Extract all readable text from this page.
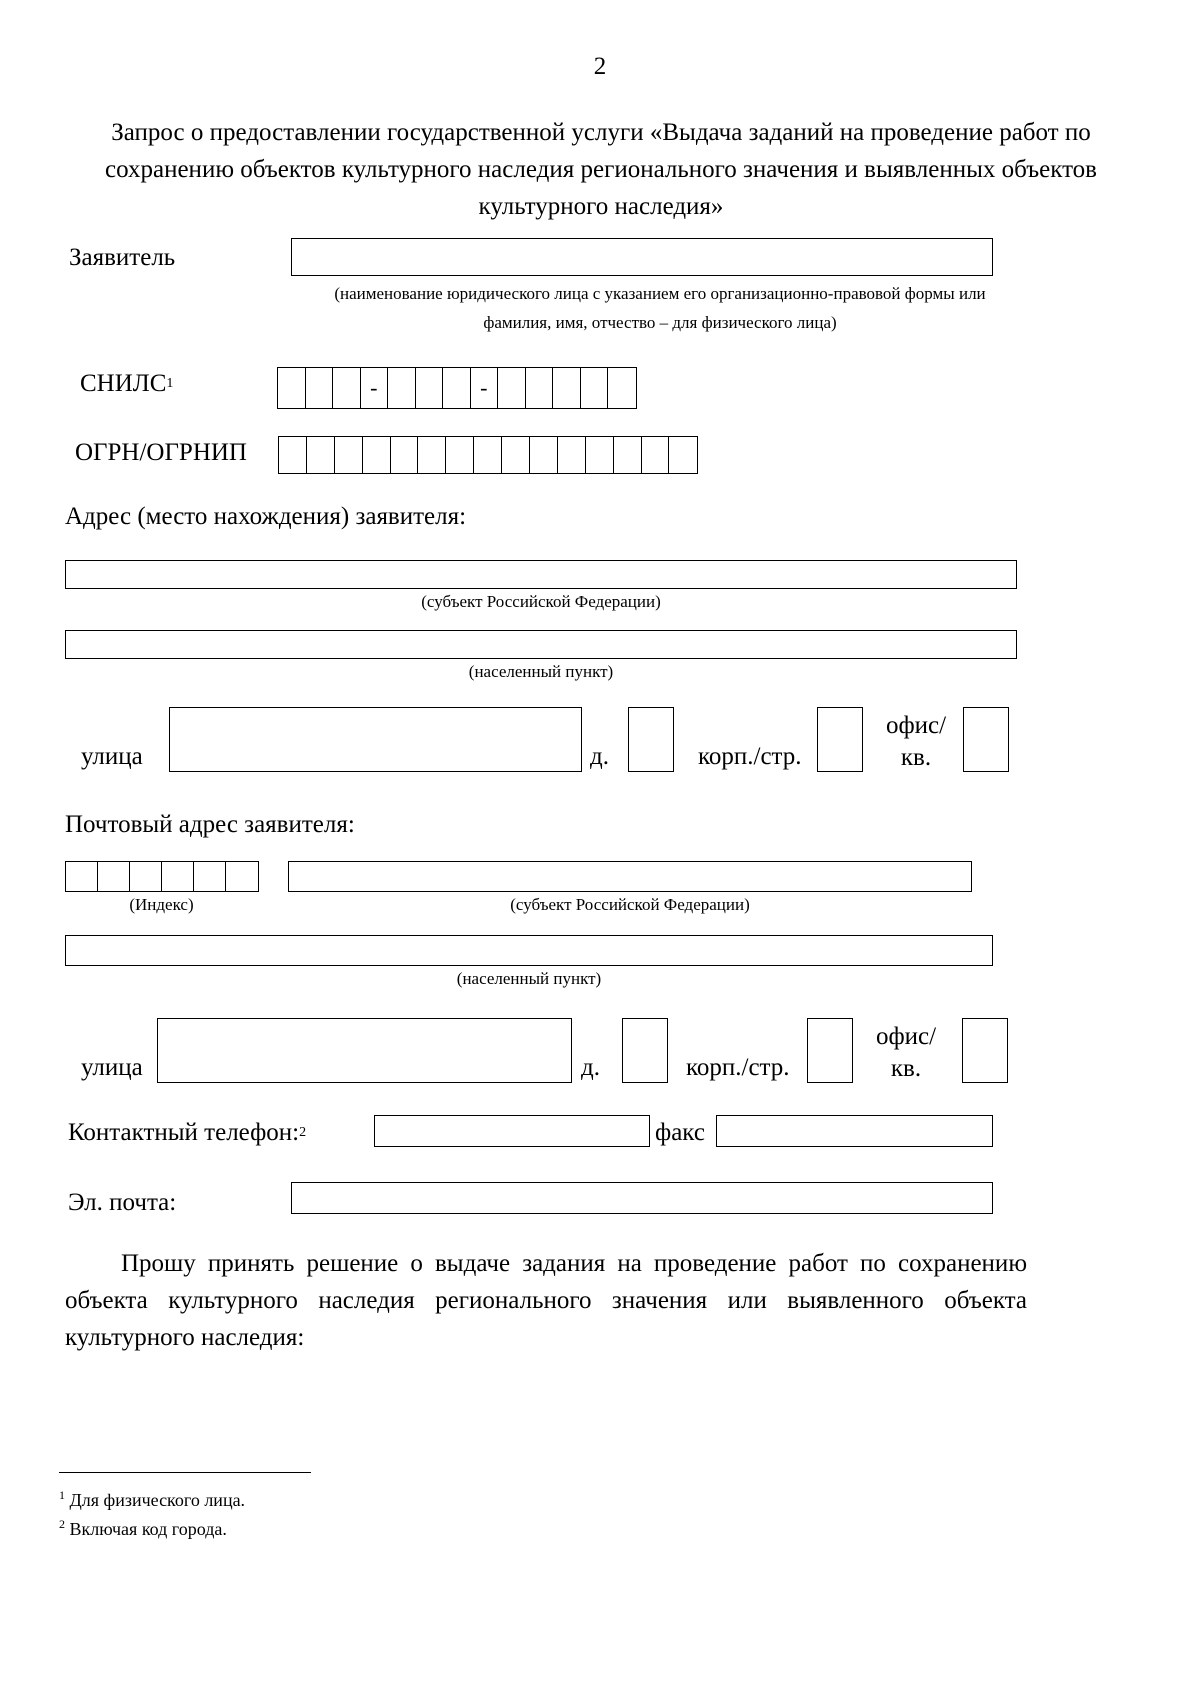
2
Запрос о предоставлении государственной услуги «Выдача заданий на проведение работ по сохранению объектов культурного наследия регионального значения и выявленных объектов культурного наследия»
Заявитель
(наименование юридического лица с указанием его организационно-правовой формы или
фамилия, имя, отчество – для физического лица)
СНИЛС 1	-	-
ОГРН/ОГРНИП
Адрес (место нахождения) заявителя:
(субъект Российской Федерации)
(населенный пункт)
улица	д.	корп./стр.
офис/
кв.
Почтовый адрес заявителя:
(Индекс)	(субъект Российской Федерации)
(населенный пункт)
улица	д.	корп./стр.
офис/
кв.
Контактный телефон: 2	факс
Эл. почта:
Прошу принять решение о выдаче задания на проведение работ по сохранению объекта культурного наследия регионального значения или выявленного объекта культурного наследия:
$^1$ Для физического лица.
$^2$ Включая код города.
